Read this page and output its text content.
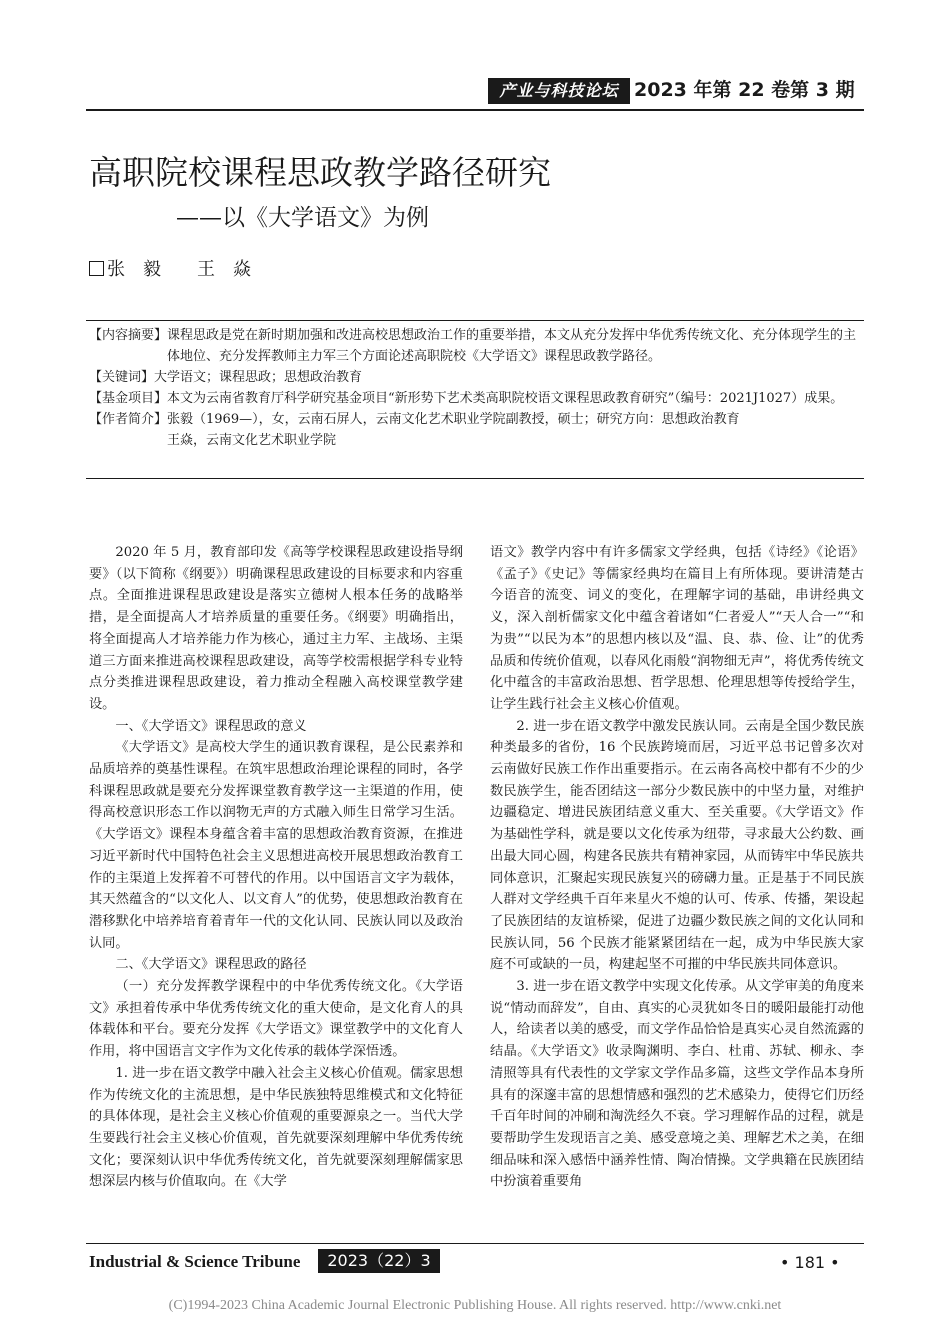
产业与科技论坛 2023 年第 22 卷第 3 期
高职院校课程思政教学路径研究
——以《大学语文》为例
张　毅 王　焱
【内容摘要】 课程思政是党在新时期加强和改进高校思想政治工作的重要举措，本文从充分发挥中华优秀传统文化、充分体现学生的主体地位、充分发挥教师主力军三个方面论述高职院校《大学语文》课程思政教学路径。
【关键词】 大学语文；课程思政；思想政治教育
【基金项目】 本文为云南省教育厅科学研究基金项目“新形势下艺术类高职院校语文课程思政教育研究”（编号：2021J1027）成果。
【作者简介】 张毅（1969—），女，云南石屏人，云南文化艺术职业学院副教授，硕士；研究方向：思想政治教育
王焱，云南文化艺术职业学院

2020 年 5 月，教育部印发《高等学校课程思政建设指导纲要》（以下简称《纲要》）明确课程思政建设的目标要求和内容重点。全面推进课程思政建设是落实立德树人根本任务的战略举措，是全面提高人才培养质量的重要任务。《纲要》明确指出，将全面提高人才培养能力作为核心，通过主力军、主战场、主渠道三方面来推进高校课程思政建设，高等学校需根据学科专业特点分类推进课程思政建设，着力推动全程融入高校课堂教学建设。

一、《大学语文》课程思政的意义

《大学语文》是高校大学生的通识教育课程，是公民素养和品质培养的奠基性课程。在筑牢思想政治理论课程的同时，各学科课程思政就是要充分发挥课堂教育教学这一主渠道的作用，使得高校意识形态工作以润物无声的方式融入师生日常学习生活。《大学语文》课程本身蕴含着丰富的思想政治教育资源，在推进习近平新时代中国特色社会主义思想进高校开展思想政治教育工作的主渠道上发挥着不可替代的作用。以中国语言文字为载体，其天然蕴含的“以文化人、以文育人”的优势，使思想政治教育在潜移默化中培养培育着青年一代的文化认同、民族认同以及政治认同。

二、《大学语文》课程思政的路径

（一）充分发挥教学课程中的中华优秀传统文化。《大学语文》承担着传承中华优秀传统文化的重大使命，是文化育人的具体载体和平台。要充分发挥《大学语文》课堂教学中的文化育人作用，将中国语言文字作为文化传承的载体学深悟透。

1. 进一步在语文教学中融入社会主义核心价值观。儒家思想作为传统文化的主流思想，是中华民族独特思维模式和文化特征的具体体现，是社会主义核心价值观的重要源泉之一。当代大学生要践行社会主义核心价值观，首先就要深刻理解中华优秀传统文化；要深刻认识中华优秀传统文化，首先就要深刻理解儒家思想深层内核与价值取向。在《大学

语文》教学内容中有许多儒家文学经典，包括《诗经》《论语》《孟子》《史记》等儒家经典均在篇目上有所体现。要讲清楚古今语音的流变、词义的变化，在理解字词的基础，串讲经典文义，深入剖析儒家文化中蕴含着诸如“仁者爱人”“天人合一”“和为贵”“以民为本”的思想内核以及“温、良、恭、俭、让”的优秀品质和传统价值观，以春风化雨般“润物细无声”，将优秀传统文化中蕴含的丰富政治思想、哲学思想、伦理思想等传授给学生，让学生践行社会主义核心价值观。

2. 进一步在语文教学中激发民族认同。云南是全国少数民族种类最多的省份，16 个民族跨境而居，习近平总书记曾多次对云南做好民族工作作出重要指示。在云南各高校中都有不少的少数民族学生，能否团结这一部分少数民族中的中坚力量，对维护边疆稳定、增进民族团结意义重大、至关重要。《大学语文》作为基础性学科，就是要以文化传承为纽带，寻求最大公约数、画出最大同心圆，构建各民族共有精神家园，从而铸牢中华民族共同体意识，汇聚起实现民族复兴的磅礴力量。正是基于不同民族人群对文学经典千百年来星火不熄的认可、传承、传播，架设起了民族团结的友谊桥梁，促进了边疆少数民族之间的文化认同和民族认同，56 个民族才能紧紧团结在一起，成为中华民族大家庭不可或缺的一员，构建起坚不可摧的中华民族共同体意识。

3. 进一步在语文教学中实现文化传承。从文学审美的角度来说“情动而辞发”，自由、真实的心灵犹如冬日的暖阳最能打动他人，给读者以美的感受，而文学作品恰恰是真实心灵自然流露的结晶。《大学语文》收录陶渊明、李白、杜甫、苏轼、柳永、李清照等具有代表性的文学家文学作品多篇，这些文学作品本身所具有的深邃丰富的思想情感和强烈的艺术感染力，使得它们历经千百年时间的冲刷和淘洗经久不衰。学习理解作品的过程，就是要帮助学生发现语言之美、感受意境之美、理解艺术之美，在细细品味和深入感悟中涵养性情、陶冶情操。文学典籍在民族团结中扮演着重要角

Industrial & Science Tribune	2023（22）3	• 181 •
(C)1994-2023 China Academic Journal Electronic Publishing House. All rights reserved. http://www.cnki.net
